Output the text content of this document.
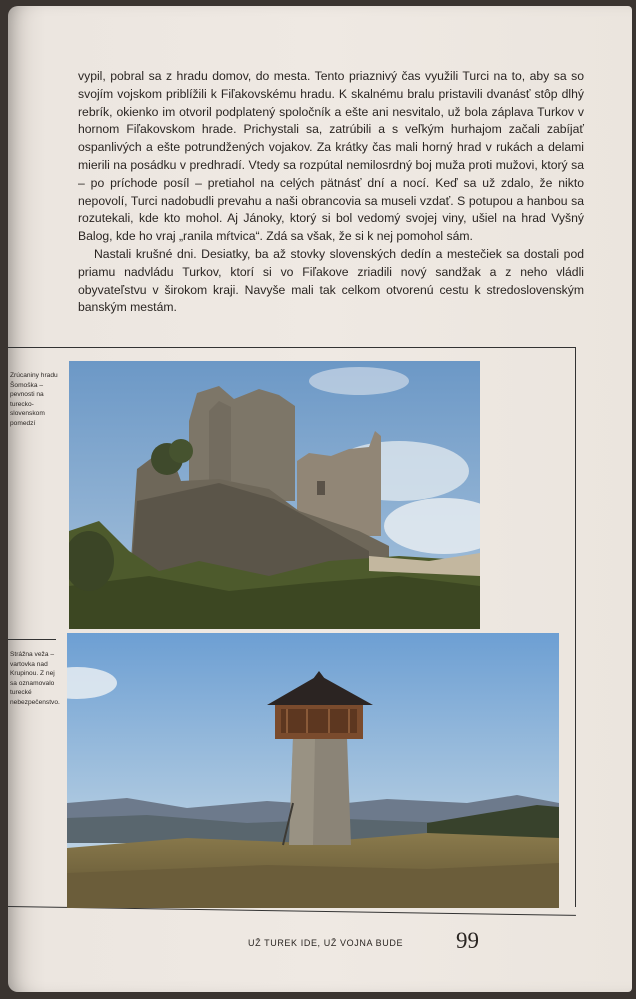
vypil, pobral sa z hradu domov, do mesta. Tento priaznivý čas využili Turci na to, aby sa so svojím vojskom priblížili k Fiľakovskému hradu. K skalnému bralu pristavili dvanásť stôp dlhý rebrík, okienko im otvoril podplatený spoločník a ešte ani nesvitalo, už bola záplava Turkov v hornom Fiľakovskom hrade. Prichystali sa, zatrúbili a s veľkým hurhajom začali zabíjať ospanlivých a ešte potrundžených vojakov. Za krátky čas mali horný hrad v rukách a delami mierili na posádku v predhradí. Vtedy sa rozpútal nemilosrdný boj muža proti mužovi, ktorý sa – po príchode posíl – pretiahol na celých pätnásť dní a nocí. Keď sa už zdalo, že nikto nepovolí, Turci nadobudli prevahu a naši obrancovia sa museli vzdať. S potupou a hanbou sa rozutekali, kde kto mohol. Aj Jánoky, ktorý si bol vedomý svojej viny, ušiel na hrad Vyšný Balog, kde ho vraj „ranila mŕtvica“. Zdá sa však, že si k nej pomohol sám.

Nastali krušné dni. Desiatky, ba až stovky slovenských dedín a mestečiek sa dostali pod priamu nadvládu Turkov, ktorí si vo Fiľakove zriadili nový sandžak a z neho vládli obyvateľstvu v širokom kraji. Navyše mali tak celkom otvorenú cestu k stredoslovenským banským mestám.

Zrúcaniny hradu Šomoška – pevnosti na turecko-slovenskom pomedzí
Strážna veža – vartovka nad Krupinou. Z nej sa oznamovalo turecké nebezpečenstvo.
UŽ TUREK IDE, UŽ VOJNA BUDE 99
